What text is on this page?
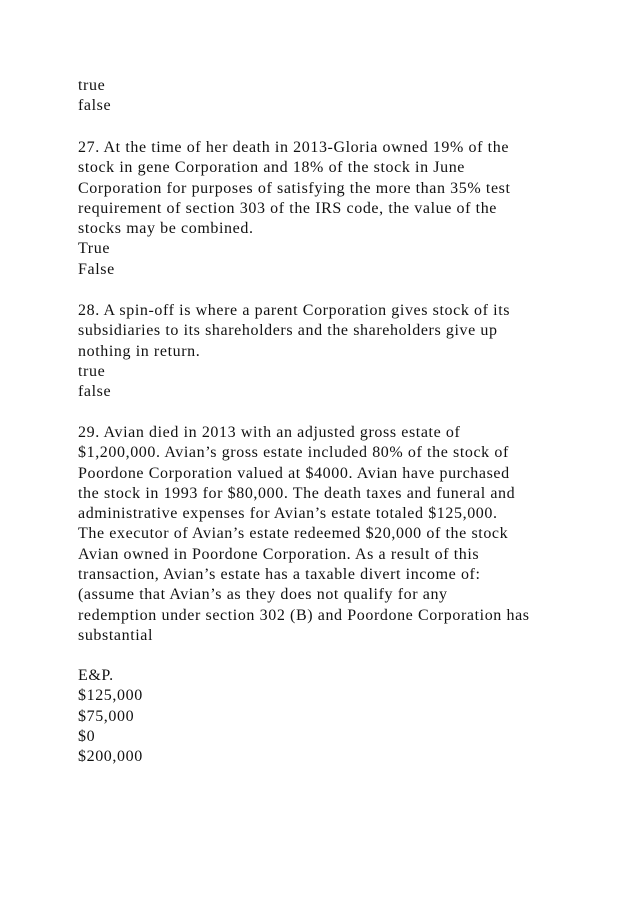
true
false
27. At the time of her death in 2013-Gloria owned 19% of the
stock in gene Corporation and 18% of the stock in June
Corporation for purposes of satisfying the more than 35% test
requirement of section 303 of the IRS code, the value of the
stocks may be combined.
True
False
28. A spin-off is where a parent Corporation gives stock of its
subsidiaries to its shareholders and the shareholders give up
nothing in return.
true
false
29. Avian died in 2013 with an adjusted gross estate of
$1,200,000. Avian’s gross estate included 80% of the stock of
Poordone Corporation valued at $4000. Avian have purchased
the stock in 1993 for $80,000. The death taxes and funeral and
administrative expenses for Avian’s estate totaled $125,000.
The executor of Avian’s estate redeemed $20,000 of the stock
Avian owned in Poordone Corporation. As a result of this
transaction, Avian’s estate has a taxable divert income of:
(assume that Avian’s as they does not qualify for any
redemption under section 302 (B) and Poordone Corporation has
substantial
E&P.
$125,000
$75,000
$0
$200,000
